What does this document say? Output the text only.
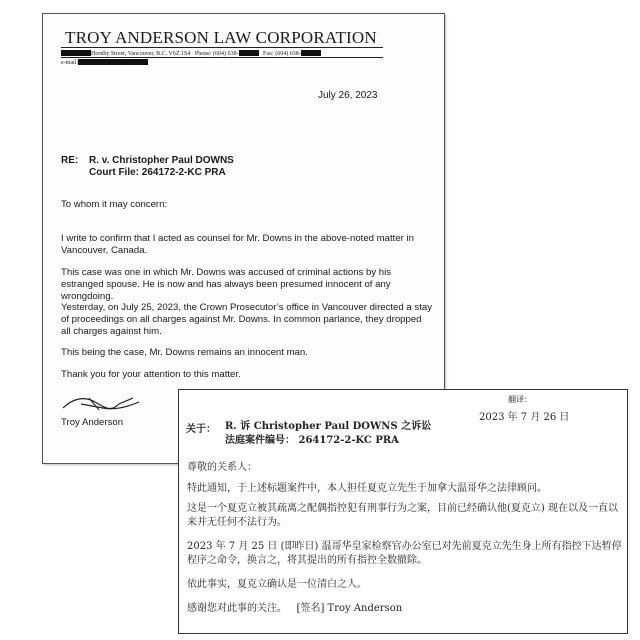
TROY ANDERSON LAW CORPORATION
Hornby Street, Vancouver, B.C. V6Z 1S4 Phone: (604) 638-	Fax: (604) 638-
e-mail:
July 26, 2023
RE: R. v. Christopher Paul DOWNS
Court File: 264172-2-KC PRA
To whom it may concern:
I write to confirm that I acted as counsel for Mr. Downs in the above-noted matter in Vancouver, Canada.
This case was one in which Mr. Downs was accused of criminal actions by his estranged spouse. He is now and has always been presumed innocent of any wrongdoing.
Yesterday, on July 25, 2023, the Crown Prosecutor’s office in Vancouver directed a stay of proceedings on all charges against Mr. Downs. In common parlance, they dropped all charges against him.
This being the case, Mr. Downs remains an innocent man.
Thank you for your attention to this matter.
Troy Anderson
翻译：
2023 年 7 月 26 日
关于： R. 诉 Christopher Paul DOWNS 之诉讼
法庭案件编号： 264172-2-KC PRA
尊敬的关系人：
特此通知，于上述标题案件中，本人担任夏克立先生于加拿大温哥华之法律顾问。
这是一个夏克立被其疏离之配偶指控犯有刑事行为之案，目前已经确认他(夏克立) 现在以及一直以来并无任何不法行为。
2023 年 7 月 25 日 (即昨日) 温哥华皇家检察官办公室已对先前夏克立先生身上所有指控下达暂停程序之命令，换言之，将其提出的所有指控全数撤除。
依此事实，夏克立确认是一位清白之人。
感谢您对此事的关注。 [签名] Troy Anderson
